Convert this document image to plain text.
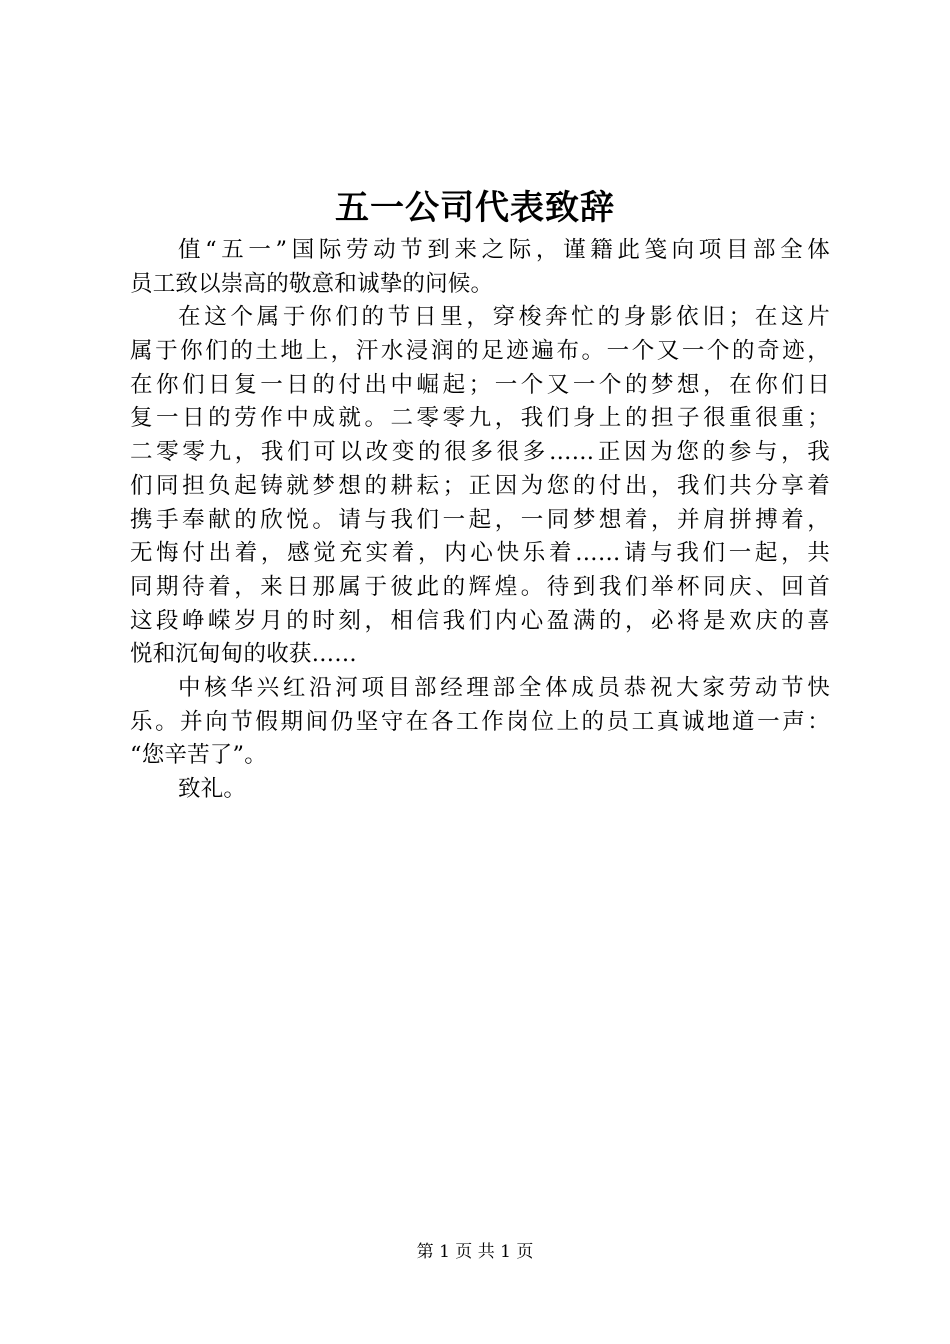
五一公司代表致辞
值“五一”国际劳动节到来之际，谨籍此笺向项目部全体
员工致以崇高的敬意和诚挚的问候。
在这个属于你们的节日里，穿梭奔忙的身影依旧；在这片
属于你们的土地上，汗水浸润的足迹遍布。一个又一个的奇迹，
在你们日复一日的付出中崛起；一个又一个的梦想，在你们日
复一日的劳作中成就。二零零九，我们身上的担子很重很重；
二零零九，我们可以改变的很多很多……正因为您的参与，我
们同担负起铸就梦想的耕耘；正因为您的付出，我们共分享着
携手奉献的欣悦。请与我们一起，一同梦想着，并肩拼搏着，
无悔付出着，感觉充实着，内心快乐着……请与我们一起，共
同期待着，来日那属于彼此的辉煌。待到我们举杯同庆、回首
这段峥嵘岁月的时刻，相信我们内心盈满的，必将是欢庆的喜
悦和沉甸甸的收获……
中核华兴红沿河项目部经理部全体成员恭祝大家劳动节快
乐。并向节假期间仍坚守在各工作岗位上的员工真诚地道一声：
“您辛苦了”。
致礼。
第 1 页 共 1 页
